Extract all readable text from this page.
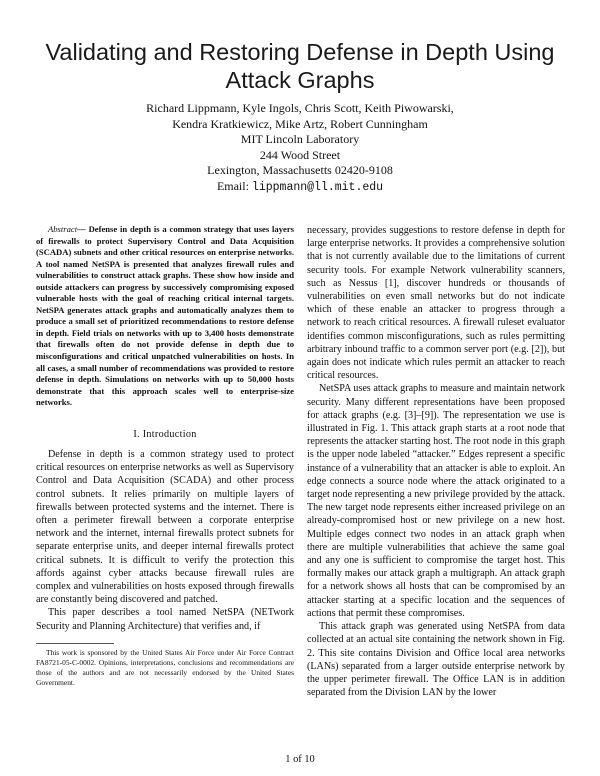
Validating and Restoring Defense in Depth Using Attack Graphs
Richard Lippmann, Kyle Ingols, Chris Scott, Keith Piwowarski,
Kendra Kratkiewicz, Mike Artz, Robert Cunningham
MIT Lincoln Laboratory
244 Wood Street
Lexington, Massachusetts 02420-9108
Email: lippmann@ll.mit.edu

Abstract— Defense in depth is a common strategy that uses layers of firewalls to protect Supervisory Control and Data Acquisition (SCADA) subnets and other critical resources on enterprise networks. A tool named NetSPA is presented that analyzes firewall rules and vulnerabilities to construct attack graphs. These show how inside and outside attackers can progress by successively compromising exposed vulnerable hosts with the goal of reaching critical internal targets. NetSPA generates attack graphs and automatically analyzes them to produce a small set of prioritized recommendations to restore defense in depth. Field trials on networks with up to 3,400 hosts demonstrate that firewalls often do not provide defense in depth due to misconfigurations and critical unpatched vulnerabilities on hosts. In all cases, a small number of recommendations was provided to restore defense in depth. Simulations on networks with up to 50,000 hosts demonstrate that this approach scales well to enterprise-size networks.

I. Introduction

Defense in depth is a common strategy used to protect critical resources on enterprise networks as well as Supervisory Control and Data Acquisition (SCADA) and other process control subnets. It relies primarily on multiple layers of firewalls between protected systems and the internet. There is often a perimeter firewall between a corporate enterprise network and the internet, internal firewalls protect subnets for separate enterprise units, and deeper internal firewalls protect critical subnets. It is difficult to verify the protection this affords against cyber attacks because firewall rules are complex and vulnerabilities on hosts exposed through firewalls are constantly being discovered and patched.

This paper describes a tool named NetSPA (NETwork Security and Planning Architecture) that verifies and, if

This work is sponsored by the United States Air Force under Air Force Contract FA8721-05-C-0002. Opinions, interpretations, conclusions and recommendations are those of the authors and are not necessarily endorsed by the United States Government.

necessary, provides suggestions to restore defense in depth for large enterprise networks. It provides a comprehensive solution that is not currently available due to the limitations of current security tools. For example Network vulnerability scanners, such as Nessus [1], discover hundreds or thousands of vulnerabilities on even small networks but do not indicate which of these enable an attacker to progress through a network to reach critical resources. A firewall ruleset evaluator identifies common misconfigurations, such as rules permitting arbitrary inbound traffic to a common server port (e.g. [2]), but again does not indicate which rules permit an attacker to reach critical resources.

NetSPA uses attack graphs to measure and maintain network security. Many different representations have been proposed for attack graphs (e.g. [3]–[9]). The representation we use is illustrated in Fig. 1. This attack graph starts at a root node that represents the attacker starting host. The root node in this graph is the upper node labeled “attacker.” Edges represent a specific instance of a vulnerability that an attacker is able to exploit. An edge connects a source node where the attack originated to a target node representing a new privilege provided by the attack. The new target node represents either increased privilege on an already-compromised host or new privilege on a new host. Multiple edges connect two nodes in an attack graph when there are multiple vulnerabilities that achieve the same goal and any one is sufficient to compromise the target host. This formally makes our attack graph a multigraph. An attack graph for a network shows all hosts that can be compromised by an attacker starting at a specific location and the sequences of actions that permit these compromises.

This attack graph was generated using NetSPA from data collected at an actual site containing the network shown in Fig. 2. This site contains Division and Office local area networks (LANs) separated from a larger outside enterprise network by the upper perimeter firewall. The Office LAN is in addition separated from the Division LAN by the lower

1 of 10
